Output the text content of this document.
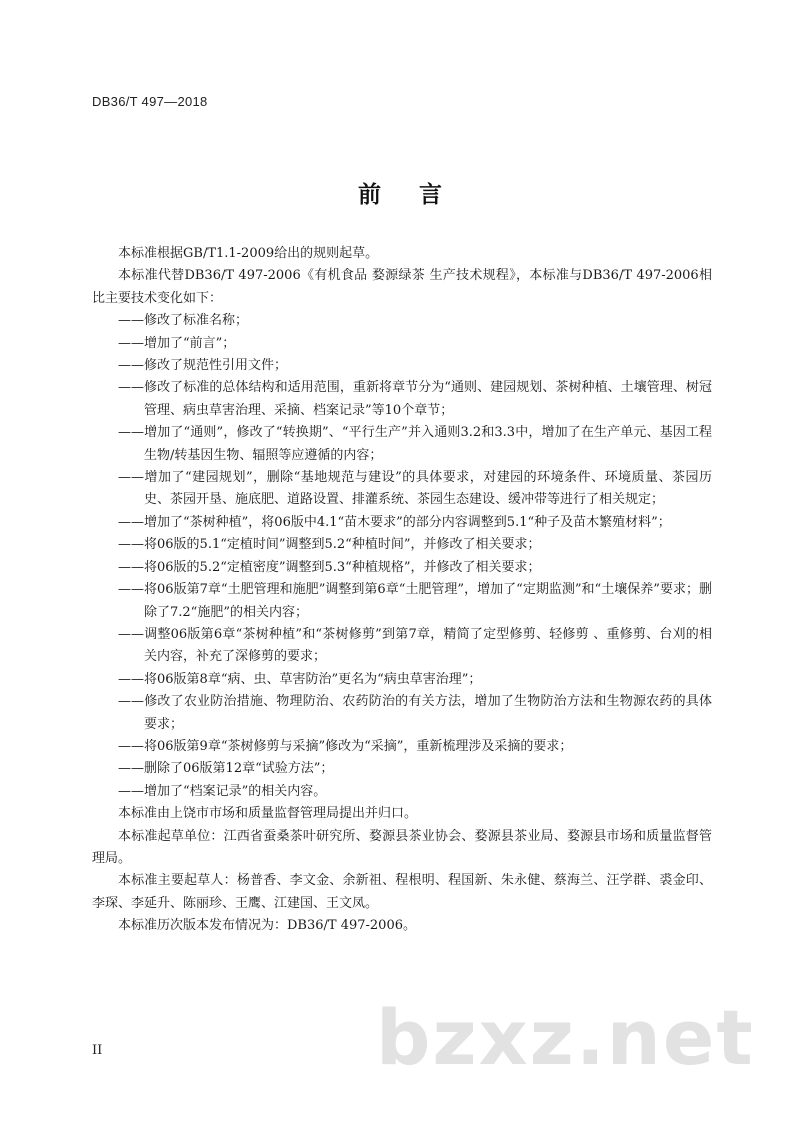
DB36/T 497—2018
前言

本标准根据GB/T1.1-2009给出的规则起草。

本标准代替DB36/T 497-2006《有机食品 婺源绿茶 生产技术规程》，本标准与DB36/T 497-2006相比主要技术变化如下：

——修改了标准名称；

——增加了“前言”；

——修改了规范性引用文件；

——修改了标准的总体结构和适用范围，重新将章节分为“通则、建园规划、茶树种植、土壤管理、树冠管理、病虫草害治理、采摘、档案记录”等10个章节；

——增加了“通则”，修改了“转换期”、“平行生产”并入通则3.2和3.3中，增加了在生产单元、基因工程生物/转基因生物、辐照等应遵循的内容；

——增加了“建园规划”，删除“基地规范与建设”的具体要求，对建园的环境条件、环境质量、茶园历史、茶园开垦、施底肥、道路设置、排灌系统、茶园生态建设、缓冲带等进行了相关规定；

——增加了“茶树种植”，将06版中4.1“苗木要求”的部分内容调整到5.1“种子及苗木繁殖材料”；

——将06版的5.1“定植时间”调整到5.2“种植时间”，并修改了相关要求；

——将06版的5.2“定植密度”调整到5.3“种植规格”，并修改了相关要求；

——将06版第7章“土肥管理和施肥”调整到第6章“土肥管理”，增加了“定期监测”和“土壤保养”要求；删除了7.2“施肥”的相关内容；

——调整06版第6章“茶树种植”和“茶树修剪”到第7章，精简了定型修剪、轻修剪 、重修剪、台刈的相关内容，补充了深修剪的要求；

——将06版第8章“病、虫、草害防治”更名为“病虫草害治理”；

——修改了农业防治措施、物理防治、农药防治的有关方法，增加了生物防治方法和生物源农药的具体要求；

——将06版第9章“茶树修剪与采摘”修改为“采摘”，重新梳理涉及采摘的要求；

——删除了06版第12章“试验方法”；

——增加了“档案记录”的相关内容。

本标准由上饶市市场和质量监督管理局提出并归口。

本标准起草单位：江西省蚕桑茶叶研究所、婺源县茶业协会、婺源县茶业局、婺源县市场和质量监督管理局。

本标准主要起草人：杨普香、李文金、余新祖、程根明、程国新、朱永健、蔡海兰、汪学群、裘金印、李琛、李延升、陈丽珍、王鹰、江建国、王文凤。

本标准历次版本发布情况为：DB36/T 497-2006。

bzxz.net
II
